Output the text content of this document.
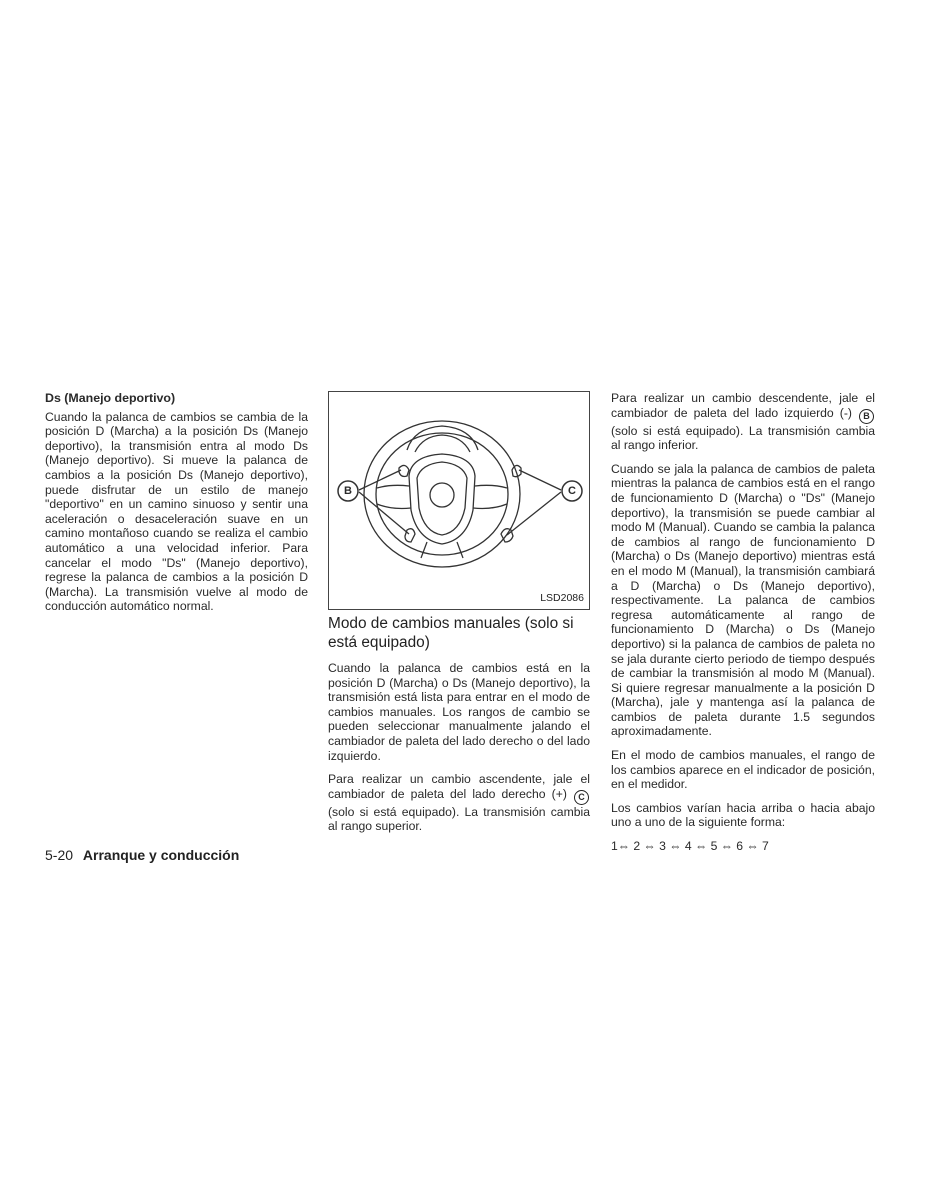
Ds (Manejo deportivo)

Cuando la palanca de cambios se cambia de la posición D (Marcha) a la posición Ds (Manejo deportivo), la transmisión entra al modo Ds (Manejo deportivo). Si mueve la palanca de cambios a la posición Ds (Manejo deportivo), puede disfrutar de un estilo de manejo "deportivo" en un camino sinuoso y sentir una aceleración o desaceleración suave en un camino montañoso cuando se realiza el cambio automático a una velocidad inferior. Para cancelar el modo "Ds" (Manejo deportivo), regrese la palanca de cambios a la posición D (Marcha). La transmisión vuelve al modo de conducción automático normal.

B	C
LSD2086
Modo de cambios manuales (solo si está equipado)

Cuando la palanca de cambios está en la posición D (Marcha) o Ds (Manejo deportivo), la transmisión está lista para entrar en el modo de cambios manuales. Los rangos de cambio se pueden seleccionar manualmente jalando el cambiador de paleta del lado derecho o del lado izquierdo.

Para realizar un cambio ascendente, jale el cambiador de paleta del lado derecho (+) C (solo si está equipado). La transmisión cambia al rango superior.

Para realizar un cambio descendente, jale el cambiador de paleta del lado izquierdo (-) B (solo si está equipado). La transmisión cambia al rango inferior.

Cuando se jala la palanca de cambios de paleta mientras la palanca de cambios está en el rango de funcionamiento D (Marcha) o "Ds" (Manejo deportivo), la transmisión se puede cambiar al modo M (Manual). Cuando se cambia la palanca de cambios al rango de funcionamiento D (Marcha) o Ds (Manejo deportivo) mientras está en el modo M (Manual), la transmisión cambiará a D (Marcha) o Ds (Manejo deportivo), respectivamente. La palanca de cambios regresa automáticamente al rango de funcionamiento D (Marcha) o Ds (Manejo deportivo) si la palanca de cambios de paleta no se jala durante cierto periodo de tiempo después de cambiar la transmisión al modo M (Manual). Si quiere regresar manualmente a la posición D (Marcha), jale y mantenga así la palanca de cambios de paleta durante 1.5 segundos aproximadamente.

En el modo de cambios manuales, el rango de los cambios aparece en el indicador de posición, en el medidor.

Los cambios varían hacia arriba o hacia abajo uno a uno de la siguiente forma:

1⇔ 2 ⇔ 3 ⇔ 4 ⇔ 5 ⇔ 6 ⇔ 7
5-20 Arranque y conducción
